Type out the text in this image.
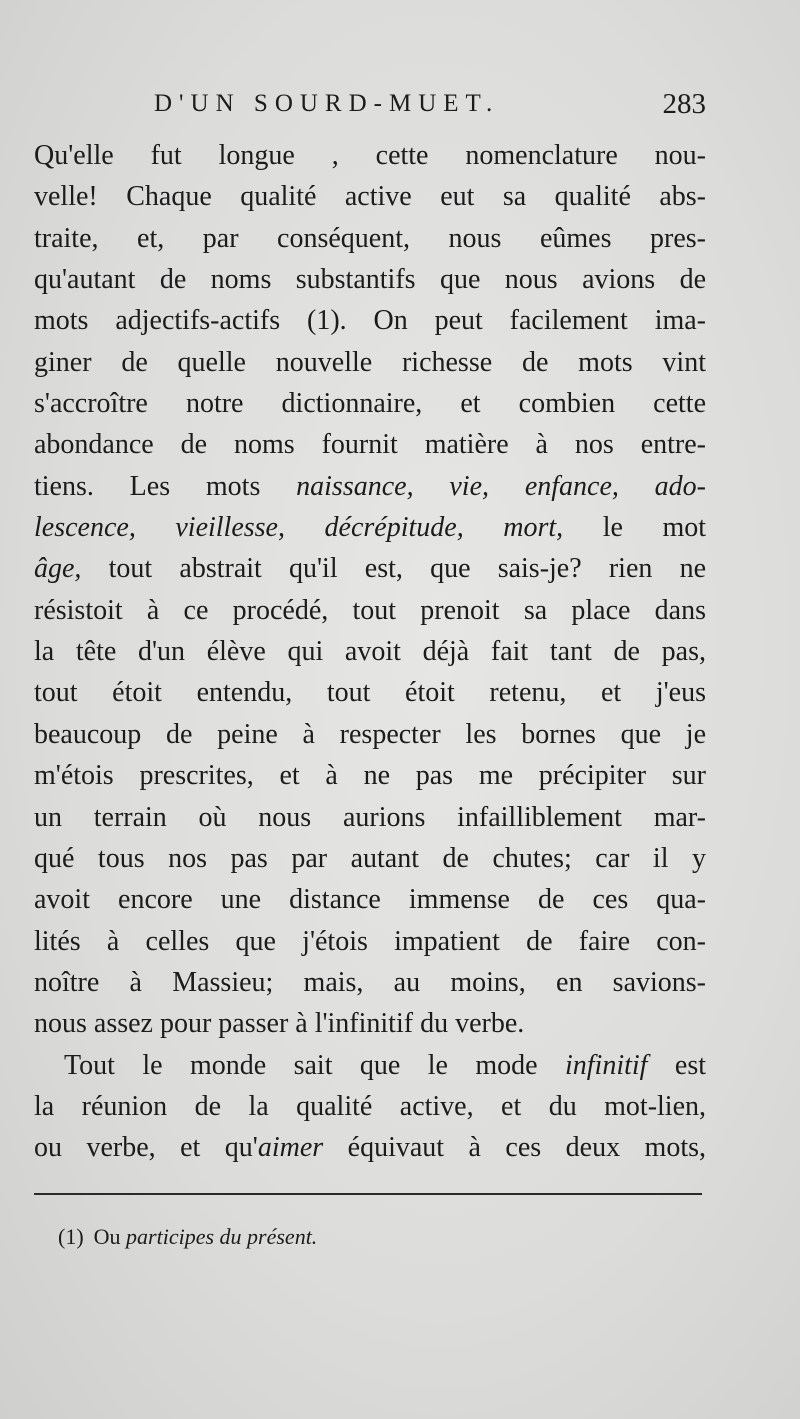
D'UN SOURD-MUET.	283
Qu'elle fut longue , cette nomenclature nou-
velle! Chaque qualité active eut sa qualité abs-
traite, et, par conséquent, nous eûmes pres-
qu'autant de noms substantifs que nous avions de
mots adjectifs-actifs (1). On peut facilement ima-
giner de quelle nouvelle richesse de mots vint
s'accroître notre dictionnaire, et combien cette
abondance de noms fournit matière à nos entre-
tiens. Les mots naissance, vie, enfance, ado-
lescence, vieillesse, décrépitude, mort, le mot
âge, tout abstrait qu'il est, que sais-je? rien ne
résistoit à ce procédé, tout prenoit sa place dans
la tête d'un élève qui avoit déjà fait tant de pas,
tout étoit entendu, tout étoit retenu, et j'eus
beaucoup de peine à respecter les bornes que je
m'étois prescrites, et à ne pas me précipiter sur
un terrain où nous aurions infailliblement mar-
qué tous nos pas par autant de chutes; car il y
avoit encore une distance immense de ces qua-
lités à celles que j'étois impatient de faire con-
noître à Massieu; mais, au moins, en savions-
nous assez pour passer à l'infinitif du verbe.
Tout le monde sait que le mode infinitif est
la réunion de la qualité active, et du mot-lien,
ou verbe, et qu'aimer équivaut à ces deux mots,
(1) Ou participes du présent.
